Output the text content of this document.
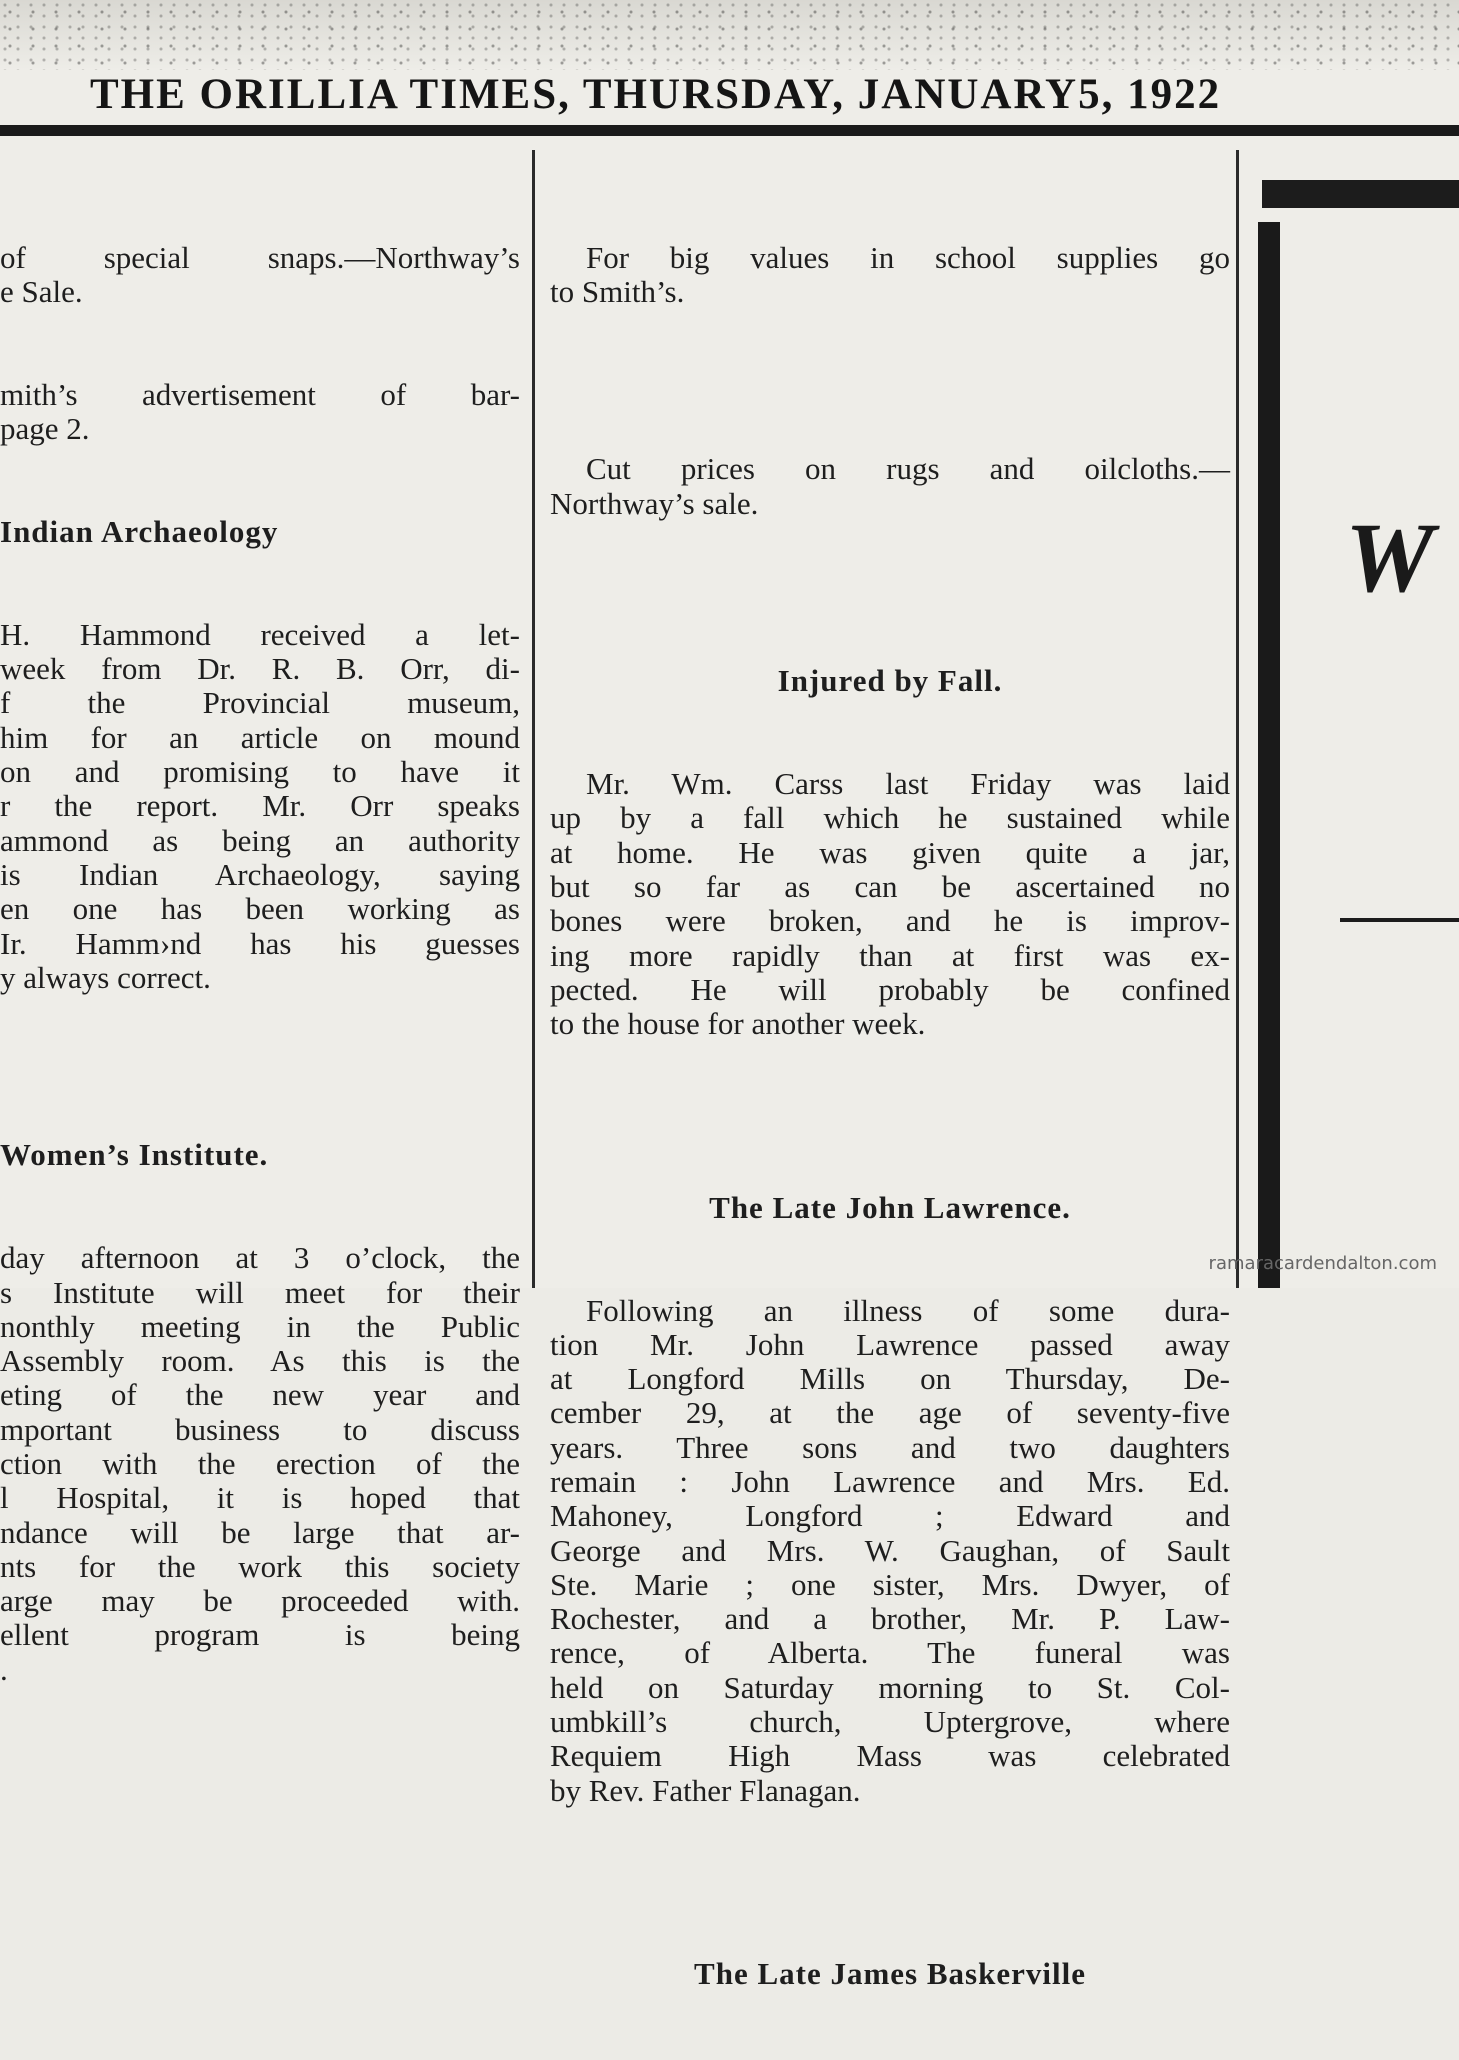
THE ORILLIA TIMES, THURSDAY, JANUARY5, 1922

of special snaps.—Northway’s
e Sale.

mith’s advertisement of bar-
page 2.

Indian Archaeology

H. Hammond received a let-
week from Dr. R. B. Orr, di-
f the Provincial museum,
him for an article on mound
on and promising to have it
r the report. Mr. Orr speaks
ammond as being an authority
is Indian Archaeology, saying
en one has been working as
Ir. Hamm›nd has his guesses
y always correct.

Women’s Institute.

day afternoon at 3 o’clock, the
s Institute will meet for their
nonthly meeting in the Public
Assembly room. As this is the
eting of the new year and
mportant business to discuss
ction with the erection of the
l Hospital, it is hoped that
ndance will be large that ar-
nts for the work this society
arge may be proceeded with.
ellent program is being
.

For big values in school supplies go
to Smith’s.

Cut prices on rugs and oilcloths.—
Northway’s sale.

Injured by Fall.

Mr. Wm. Carss last Friday was laid
up by a fall which he sustained while
at home. He was given quite a jar,
but so far as can be ascertained no
bones were broken, and he is improv-
ing more rapidly than at first was ex-
pected. He will probably be confined
to the house for another week.

The Late John Lawrence.

Following an illness of some dura-
tion Mr. John Lawrence passed away
at Longford Mills on Thursday, De-
cember 29, at the age of seventy-five
years. Three sons and two daughters
remain : John Lawrence and Mrs. Ed.
Mahoney, Longford ; Edward and
George and Mrs. W. Gaughan, of Sault
Ste. Marie ; one sister, Mrs. Dwyer, of
Rochester, and a brother, Mr. P. Law-
rence, of Alberta. The funeral was
held on Saturday morning to St. Col-
umbkill’s church, Uptergrove, where
Requiem High Mass was celebrated
by Rev. Father Flanagan.

The Late James Baskerville

W
ramaracardendalton.com
